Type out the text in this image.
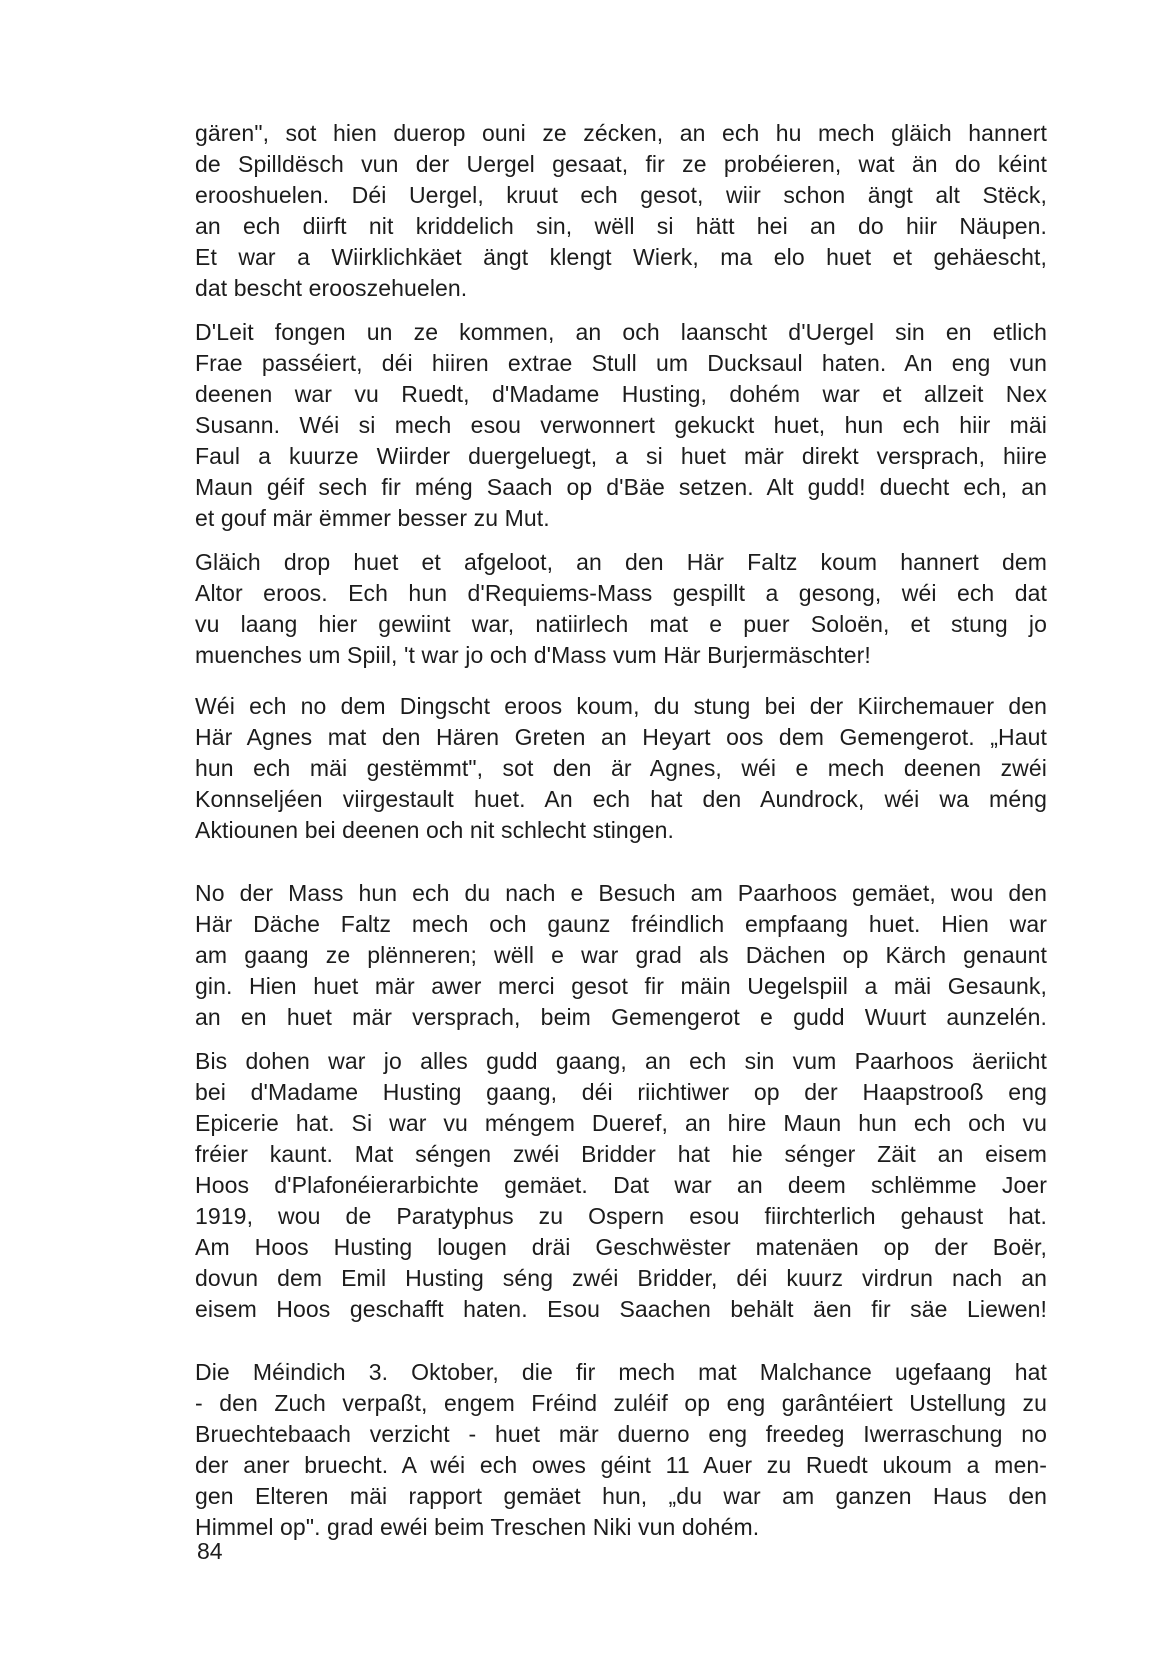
gären", sot hien duerop ouni ze zécken, an ech hu mech gläich hannert
de Spilldësch vun der Uergel gesaat, fir ze probéieren, wat än do kéint
erooshuelen. Déi Uergel, kruut ech gesot, wiir schon ängt alt Stëck,
an ech diirft nit kriddelich sin, wëll si hätt hei an do hiir Näupen.
Et war a Wiirklichkäet ängt klengt Wierk, ma elo huet et gehäescht,
dat bescht erooszehuelen.

D'Leit fongen un ze kommen, an och laanscht d'Uergel sin en etlich
Frae passéiert, déi hiiren extrae Stull um Ducksaul haten. An eng vun
deenen war vu Ruedt, d'Madame Husting, dohém war et allzeit Nex
Susann. Wéi si mech esou verwonnert gekuckt huet, hun ech hiir mäi
Faul a kuurze Wiirder duergeluegt, a si huet mär direkt versprach, hiire
Maun géif sech fir méng Saach op d'Bäe setzen. Alt gudd! duecht ech, an
et gouf mär ëmmer besser zu Mut.

Gläich drop huet et afgeloot, an den Här Faltz koum hannert dem
Altor eroos. Ech hun d'Requiems-Mass gespillt a gesong, wéi ech dat
vu laang hier gewiint war, natiirlech mat e puer Soloën, et stung jo
muenches um Spiil, 't war jo och d'Mass vum Här Burjermäschter!

Wéi ech no dem Dingscht eroos koum, du stung bei der Kiirchemauer den
Här Agnes mat den Hären Greten an Heyart oos dem Gemengerot. „Haut
hun ech mäi gestëmmt", sot den är Agnes, wéi e mech deenen zwéi
Konnseljéen viirgestault huet. An ech hat den Aundrock, wéi wa méng
Aktiounen bei deenen och nit schlecht stingen.

No der Mass hun ech du nach e Besuch am Paarhoos gemäet, wou den
Här Däche Faltz mech och gaunz fréindlich empfaang huet. Hien war
am gaang ze plënneren; wëll e war grad als Dächen op Kärch genaunt
gin. Hien huet mär awer merci gesot fir mäin Uegelspiil a mäi Gesaunk,
an en huet mär versprach, beim Gemengerot e gudd Wuurt aunzelén.

Bis dohen war jo alles gudd gaang, an ech sin vum Paarhoos äeriicht
bei d'Madame Husting gaang, déi riichtiwer op der Haapstrooß eng
Epicerie hat. Si war vu méngem Dueref, an hire Maun hun ech och vu
fréier kaunt. Mat séngen zwéi Bridder hat hie sénger Zäit an eisem
Hoos d'Plafonéierarbichte gemäet. Dat war an deem schlëmme Joer
1919, wou de Paratyphus zu Ospern esou fiirchterlich gehaust hat.
Am Hoos Husting lougen dräi Geschwëster matenäen op der Boër,
dovun dem Emil Husting séng zwéi Bridder, déi kuurz virdrun nach an
eisem Hoos geschafft haten. Esou Saachen behält äen fir säe Liewen!

Die Méindich 3. Oktober, die fir mech mat Malchance ugefaang hat
- den Zuch verpaßt, engem Fréind zuléif op eng garântéiert Ustellung zu
Bruechtebaach verzicht - huet mär duerno eng freedeg Iwerraschung no
der aner bruecht. A wéi ech owes géint 11 Auer zu Ruedt ukoum a men-
gen Elteren mäi rapport gemäet hun, „du war am ganzen Haus den
Himmel op". grad ewéi beim Treschen Niki vun dohém.

84
